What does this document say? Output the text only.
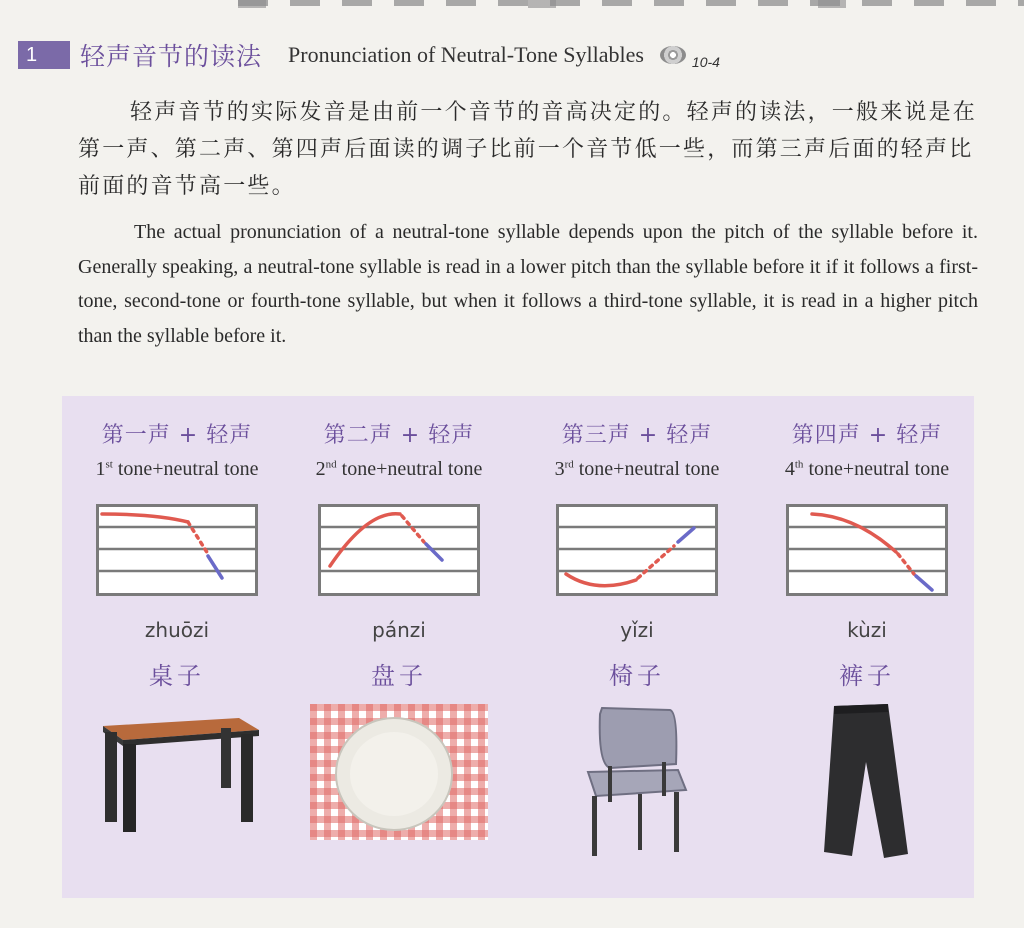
1	轻声音节的读法 Pronunciation of Neutral-Tone Syllables	10-4

轻声音节的实际发音是由前一个音节的音高决定的。轻声的读法，一般来说是在第一声、第二声、第四声后面读的调子比前一个音节低一些，而第三声后面的轻声比前面的音节高一些。

The actual pronunciation of a neutral-tone syllable depends upon the pitch of the syllable before it. Generally speaking, a neutral-tone syllable is read in a lower pitch than the syllable before it if it follows a first-tone, second-tone or fourth-tone syllable, but when it follows a third-tone syllable, it is read in a higher pitch than the syllable before it.

第一声 + 轻声
1st tone+neutral tone
zhuōzi
桌子
第二声 + 轻声
2nd tone+neutral tone
pánzi
盘子
第三声 + 轻声
3rd tone+neutral tone
yǐzi
椅子
第四声 + 轻声
4th tone+neutral tone
kùzi
裤子
